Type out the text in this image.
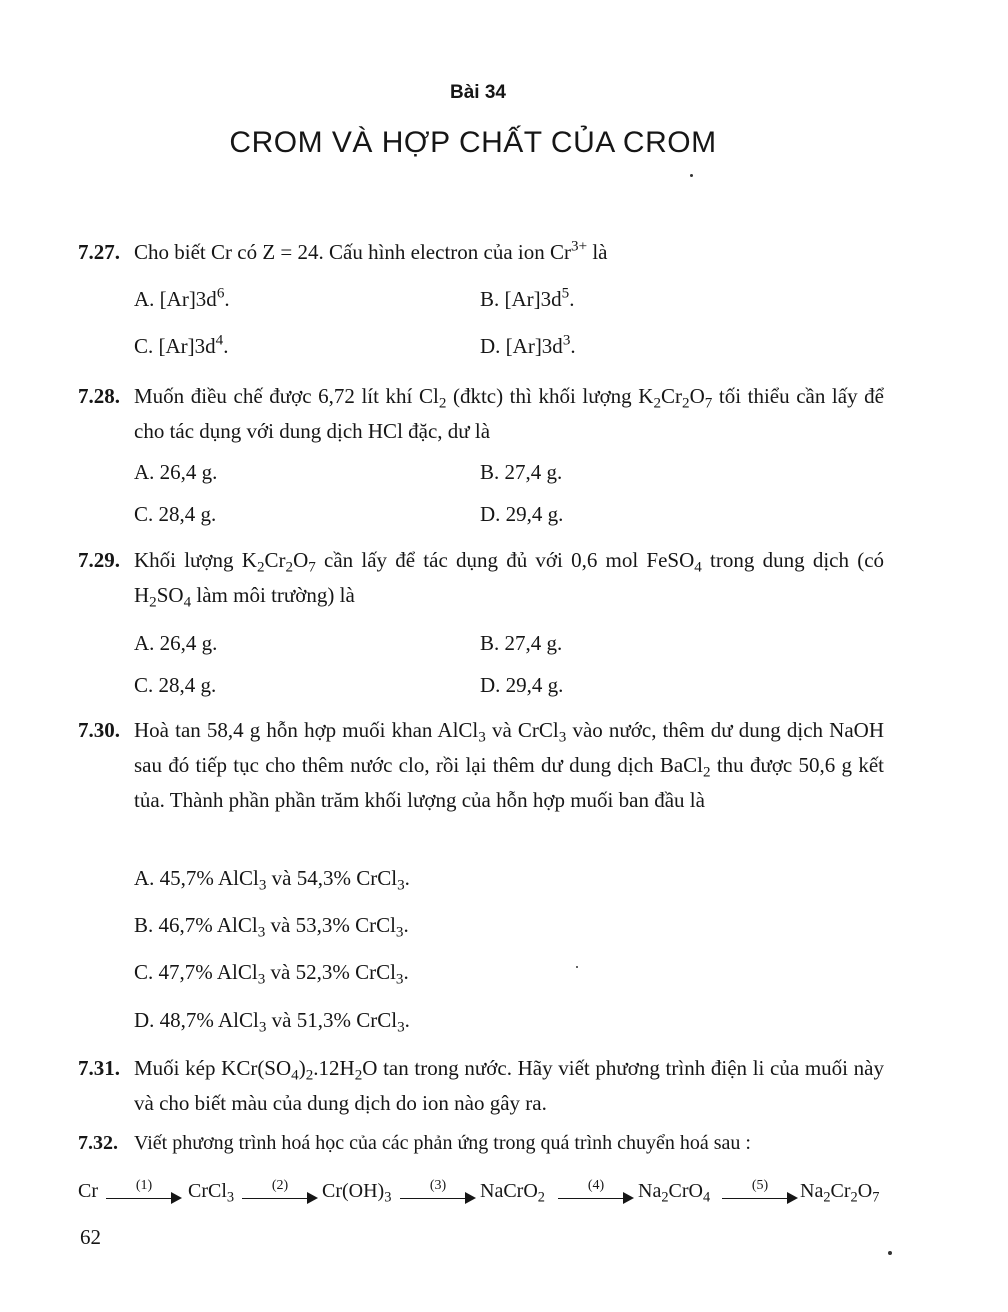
Bài 34
CROM VÀ HỢP CHẤT CỦA CROM
7.27. Cho biết Cr có Z = 24. Cấu hình electron của ion $Cr^{3+}$ là
A. $[Ar]3d^6$.	B. $[Ar]3d^5$.
C. $[Ar]3d^4$.	D. $[Ar]3d^3$.
7.28. Muốn điều chế được 6,72 lít khí $Cl_2$ (đktc) thì khối lượng $K_2Cr_2O_7$ tối thiểu cần lấy để cho tác dụng với dung dịch HCl đặc, dư là
A. 26,4 g.	B. 27,4 g.
C. 28,4 g.	D. 29,4 g.
7.29. Khối lượng $K_2Cr_2O_7$ cần lấy để tác dụng đủ với 0,6 mol FeSO$_4$ trong dung dịch (có $H_2SO_4$ làm môi trường) là
A. 26,4 g.	B. 27,4 g.
C. 28,4 g.	D. 29,4 g.
7.30. Hoà tan 58,4 g hỗn hợp muối khan AlCl$_3$ và CrCl$_3$ vào nước, thêm dư dung dịch NaOH sau đó tiếp tục cho thêm nước clo, rồi lại thêm dư dung dịch BaCl$_2$ thu được 50,6 g kết tủa. Thành phần phần trăm khối lượng của hỗn hợp muối ban đầu là
A. 45,7% AlCl$_3$ và 54,3% CrCl$_3$.
B. 46,7% AlCl$_3$ và 53,3% CrCl$_3$.
C. 47,7% AlCl$_3$ và 52,3% CrCl$_3$.
D. 48,7% AlCl$_3$ và 51,3% CrCl$_3$.
7.31. Muối kép $KCr(SO_4)_2.12H_2O$ tan trong nước. Hãy viết phương trình điện li của muối này và cho biết màu của dung dịch do ion nào gây ra.
7.32. Viết phương trình hoá học của các phản ứng trong quá trình chuyển hoá sau :
Cr	(1)	CrCl$_3$
(2)	$Cr(OH)_3$
(3)	NaCrO$_2$
(4)	$Na_2CrO_4$
(5)	$Na_2Cr_2O_7$
62
